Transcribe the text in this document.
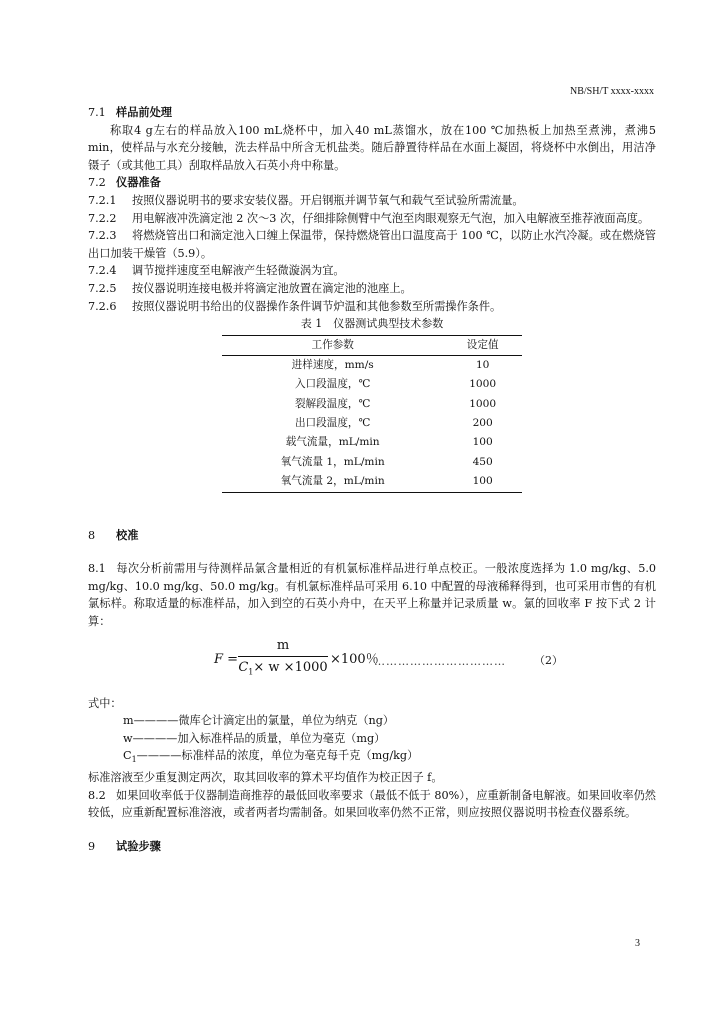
NB/SH/T xxxx-xxxx

7.1 样品前处理

称取4 g左右的样品放入100 mL烧杯中，加入40 mL蒸馏水，放在100 ℃加热板上加热至煮沸，煮沸5 min，使样品与水充分接触，洗去样品中所含无机盐类。随后静置待样品在水面上凝固，将烧杯中水倒出，用洁净镊子（或其他工具）刮取样品放入石英小舟中称量。

7.2 仪器准备

7.2.1 按照仪器说明书的要求安装仪器。开启钢瓶并调节氧气和载气至试验所需流量。

7.2.2 用电解液冲洗滴定池 2 次～3 次，仔细排除侧臂中气泡至肉眼观察无气泡，加入电解液至推荐液面高度。

7.2.3 将燃烧管出口和滴定池入口缠上保温带，保持燃烧管出口温度高于 100 ℃，以防止水汽冷凝。或在燃烧管出口加装干燥管（5.9）。

7.2.4 调节搅拌速度至电解液产生轻微漩涡为宜。

7.2.5 按仪器说明连接电极并将滴定池放置在滴定池的池座上。

7.2.6 按照仪器说明书给出的仪器操作条件调节炉温和其他参数至所需操作条件。

表 1　仪器测试典型技术参数

工作参数	设定值
进样速度，mm/s	10
入口段温度，℃	1000
裂解段温度，℃	1000
出口段温度，℃	200
载气流量，mL/min	100
氧气流量 1，mL/min	450
氧气流量 2，mL/min	100

8 校准

8.1 每次分析前需用与待测样品氯含量相近的有机氯标准样品进行单点校正。一般浓度选择为 1.0 mg/kg、5.0 mg/kg、10.0 mg/kg、50.0 mg/kg。有机氯标准样品可采用 6.10 中配置的母液稀释得到，也可采用市售的有机氯标样。称取适量的标准样品，加入到空的石英小舟中，在天平上称量并记录质量 w。氯的回收率 F 按下式 2 计算：

F =
m
$C_1\times w \times 1000$
×100％
……………………………	（2）

式中：

m————微库仑计滴定出的氯量，单位为纳克（ng）

w————加入标准样品的质量，单位为毫克（mg）

$C_1————$标准样品的浓度，单位为毫克每千克（mg/kg）

标准溶液至少重复测定两次，取其回收率的算术平均值作为校正因子 f。

8.2 如果回收率低于仪器制造商推荐的最低回收率要求（最低不低于 80%），应重新制备电解液。如果回收率仍然较低，应重新配置标准溶液，或者两者均需制备。如果回收率仍然不正常，则应按照仪器说明书检查仪器系统。

9 试验步骤

3
